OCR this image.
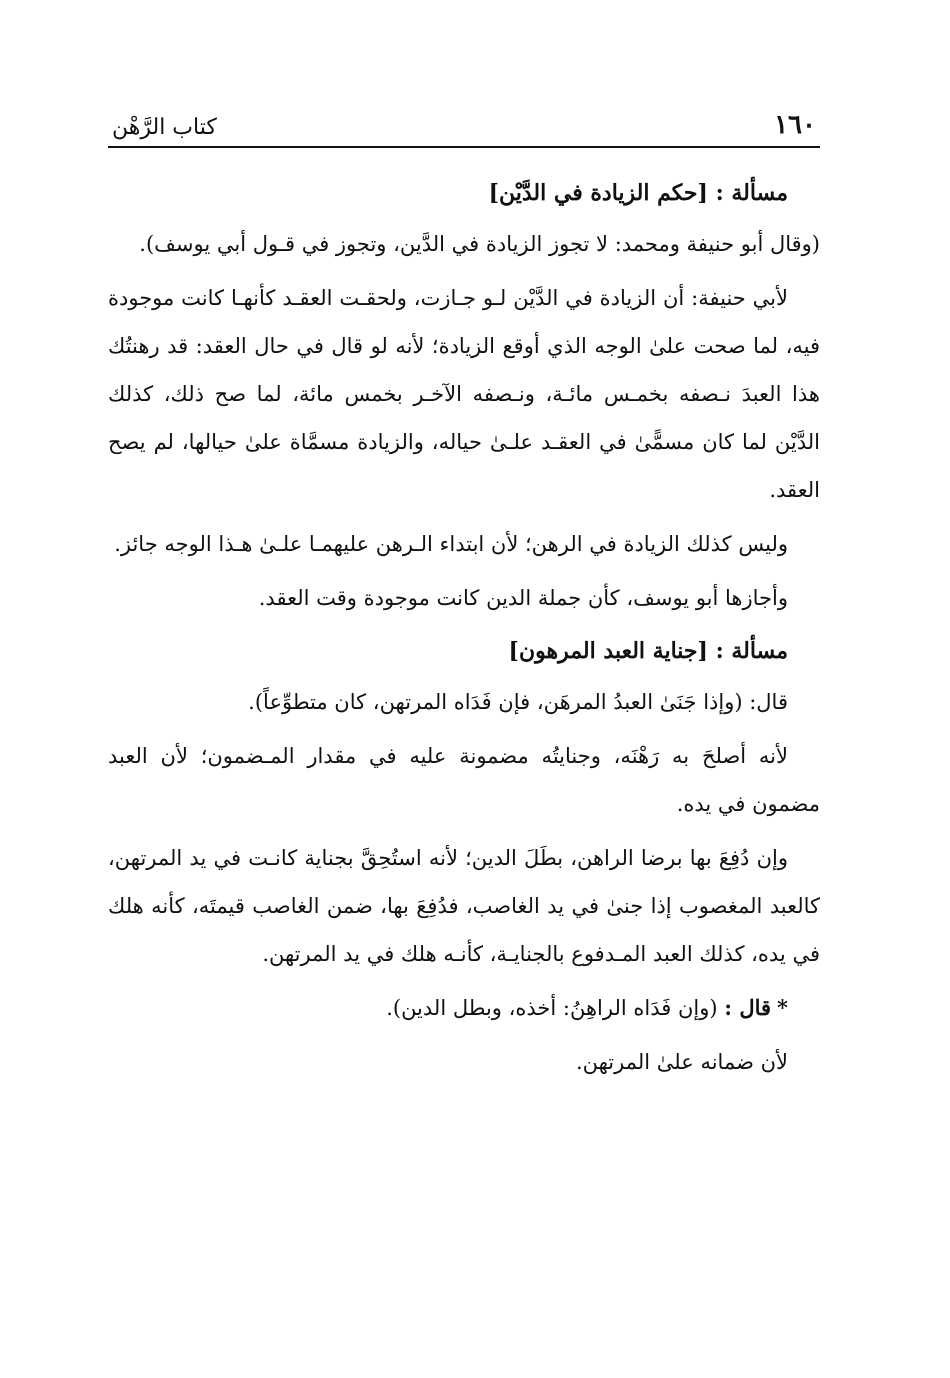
١٦٠
كتاب الرَّهْن
مسألة : [حكم الزيادة في الدَّيْن]

(وقال أبو حنيفة ومحمد: لا تجوز الزيادة في الدَّين، وتجوز في قـول أبي يوسف).

لأبي حنيفة: أن الزيادة في الدَّيْن لـو جـازت، ولحقـت العقـد كأنهـا كانت موجودة فيه، لما صحت علىٰ الوجه الذي أوقع الزيادة؛ لأنه لو قال في حال العقد: قد رهنتُك هذا العبدَ نـصفه بخمـس مائـة، ونـصفه الآخـر بخمس مائة، لما صح ذلك، كذلك الدَّيْن لما كان مسمًّىٰ في العقـد علـىٰ حياله، والزيادة مسمَّاة علىٰ حيالها، لم يصح العقد.

وليس كذلك الزيادة في الرهن؛ لأن ابتداء الـرهن عليهمـا علـىٰ هـذا الوجه جائز.

وأجازها أبو يوسف، كأن جملة الدين كانت موجودة وقت العقد.

مسألة : [جناية العبد المرهون]

قال: (وإذا جَنَىٰ العبدُ المرهَن، فإن فَدَاه المرتهن، كان متطوِّعاً).

لأنه أصلحَ به رَهْنَه، وجنايتُه مضمونة عليه في مقدار المـضمون؛ لأن العبد مضمون في يده.

وإن دُفِعَ بها برضا الراهن، بطَلَ الدين؛ لأنه استُحِقَّ بجناية كانـت في يد المرتهن، كالعبد المغصوب إذا جنىٰ في يد الغاصب، فدُفِعَ بها، ضمن الغاصب قيمتَه، كأنه هلك في يده، كذلك العبد المـدفوع بالجنايـة، كأنـه هلك في يد المرتهن.

*قال : (وإن فَدَاه الراهِنُ: أخذه، وبطل الدين).

لأن ضمانه علىٰ المرتهن.
